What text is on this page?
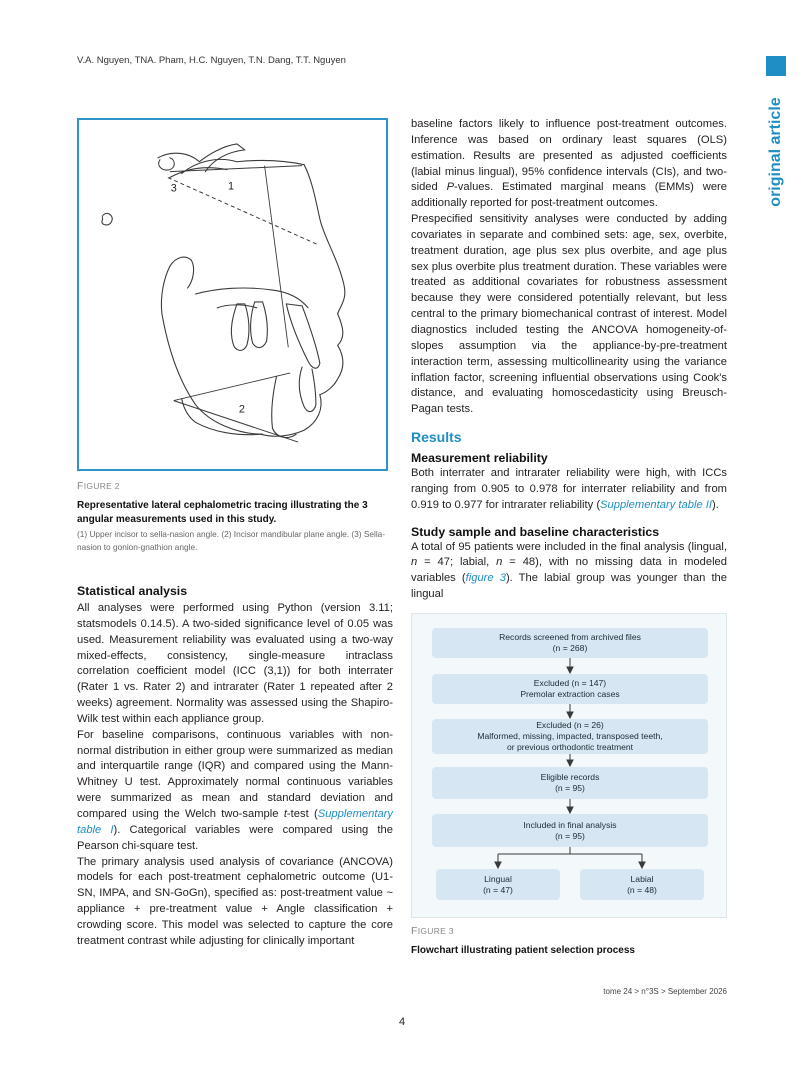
V.A. Nguyen, TNA. Pham, H.C. Nguyen, T.N. Dang, T.T. Nguyen
original article
1
2
3
FIGURE 2
Representative lateral cephalometric tracing illustrating the 3 angular measurements used in this study.
(1) Upper incisor to sella-nasion angle. (2) Incisor mandibular plane angle. (3) Sella-nasion to gonion-gnathion angle.
Statistical analysis

All analyses were performed using Python (version 3.11; statsmodels 0.14.5). A two-sided significance level of 0.05 was used. Measurement reliability was evaluated using a two-way mixed-effects, consistency, single-measure intraclass correlation coefficient model (ICC (3,1)) for both interrater (Rater 1 vs. Rater 2) and intrarater (Rater 1 repeated after 2 weeks) agreement. Normality was assessed using the Shapiro-Wilk test within each appliance group.

For baseline comparisons, continuous variables with non-normal distribution in either group were summarized as median and interquartile range (IQR) and compared using the Mann-Whitney U test. Approximately normal continuous variables were summarized as mean and standard deviation and compared using the Welch two-sample t-test (Supplementary table I). Categorical variables were compared using the Pearson chi-square test.

The primary analysis used analysis of covariance (ANCOVA) models for each post-treatment cephalometric outcome (U1-SN, IMPA, and SN-GoGn), specified as: post-treatment value ~ appliance + pre-treatment value + Angle classification + crowding score. This model was selected to capture the core treatment contrast while adjusting for clinically important

baseline factors likely to influence post-treatment outcomes. Inference was based on ordinary least squares (OLS) estimation. Results are presented as adjusted coefficients (labial minus lingual), 95% confidence intervals (CIs), and two-sided P-values. Estimated marginal means (EMMs) were additionally reported for post-treatment outcomes.

Prespecified sensitivity analyses were conducted by adding covariates in separate and combined sets: age, sex, overbite, treatment duration, age plus sex plus overbite, and age plus sex plus overbite plus treatment duration. These variables were treated as additional covariates for robustness assessment because they were considered potentially relevant, but less central to the primary biomechanical contrast of interest. Model diagnostics included testing the ANCOVA homogeneity-of-slopes assumption via the appliance-by-pre-treatment interaction term, assessing multicollinearity using the variance inflation factor, screening influential observations using Cook's distance, and evaluating homoscedasticity using Breusch-Pagan tests.

Results
Measurement reliability

Both interrater and intrarater reliability were high, with ICCs ranging from 0.905 to 0.978 for interrater reliability and from 0.919 to 0.977 for intrarater reliability (Supplementary table II).

Study sample and baseline characteristics

A total of 95 patients were included in the final analysis (lingual, n = 47; labial, n = 48), with no missing data in modeled variables (figure 3). The labial group was younger than the lingual

Records screened from archived files
(n = 268)
Excluded (n = 147)
Premolar extraction cases
Excluded (n = 26)
Malformed, missing, impacted, transposed teeth,
or previous orthodontic treatment
Eligible records
(n = 95)
Included in final analysis
(n = 95)
Lingual
(n = 47)
Labial
(n = 48)
FIGURE 3
Flowchart illustrating patient selection process
tome 24 > n°3S > September 2026
4
